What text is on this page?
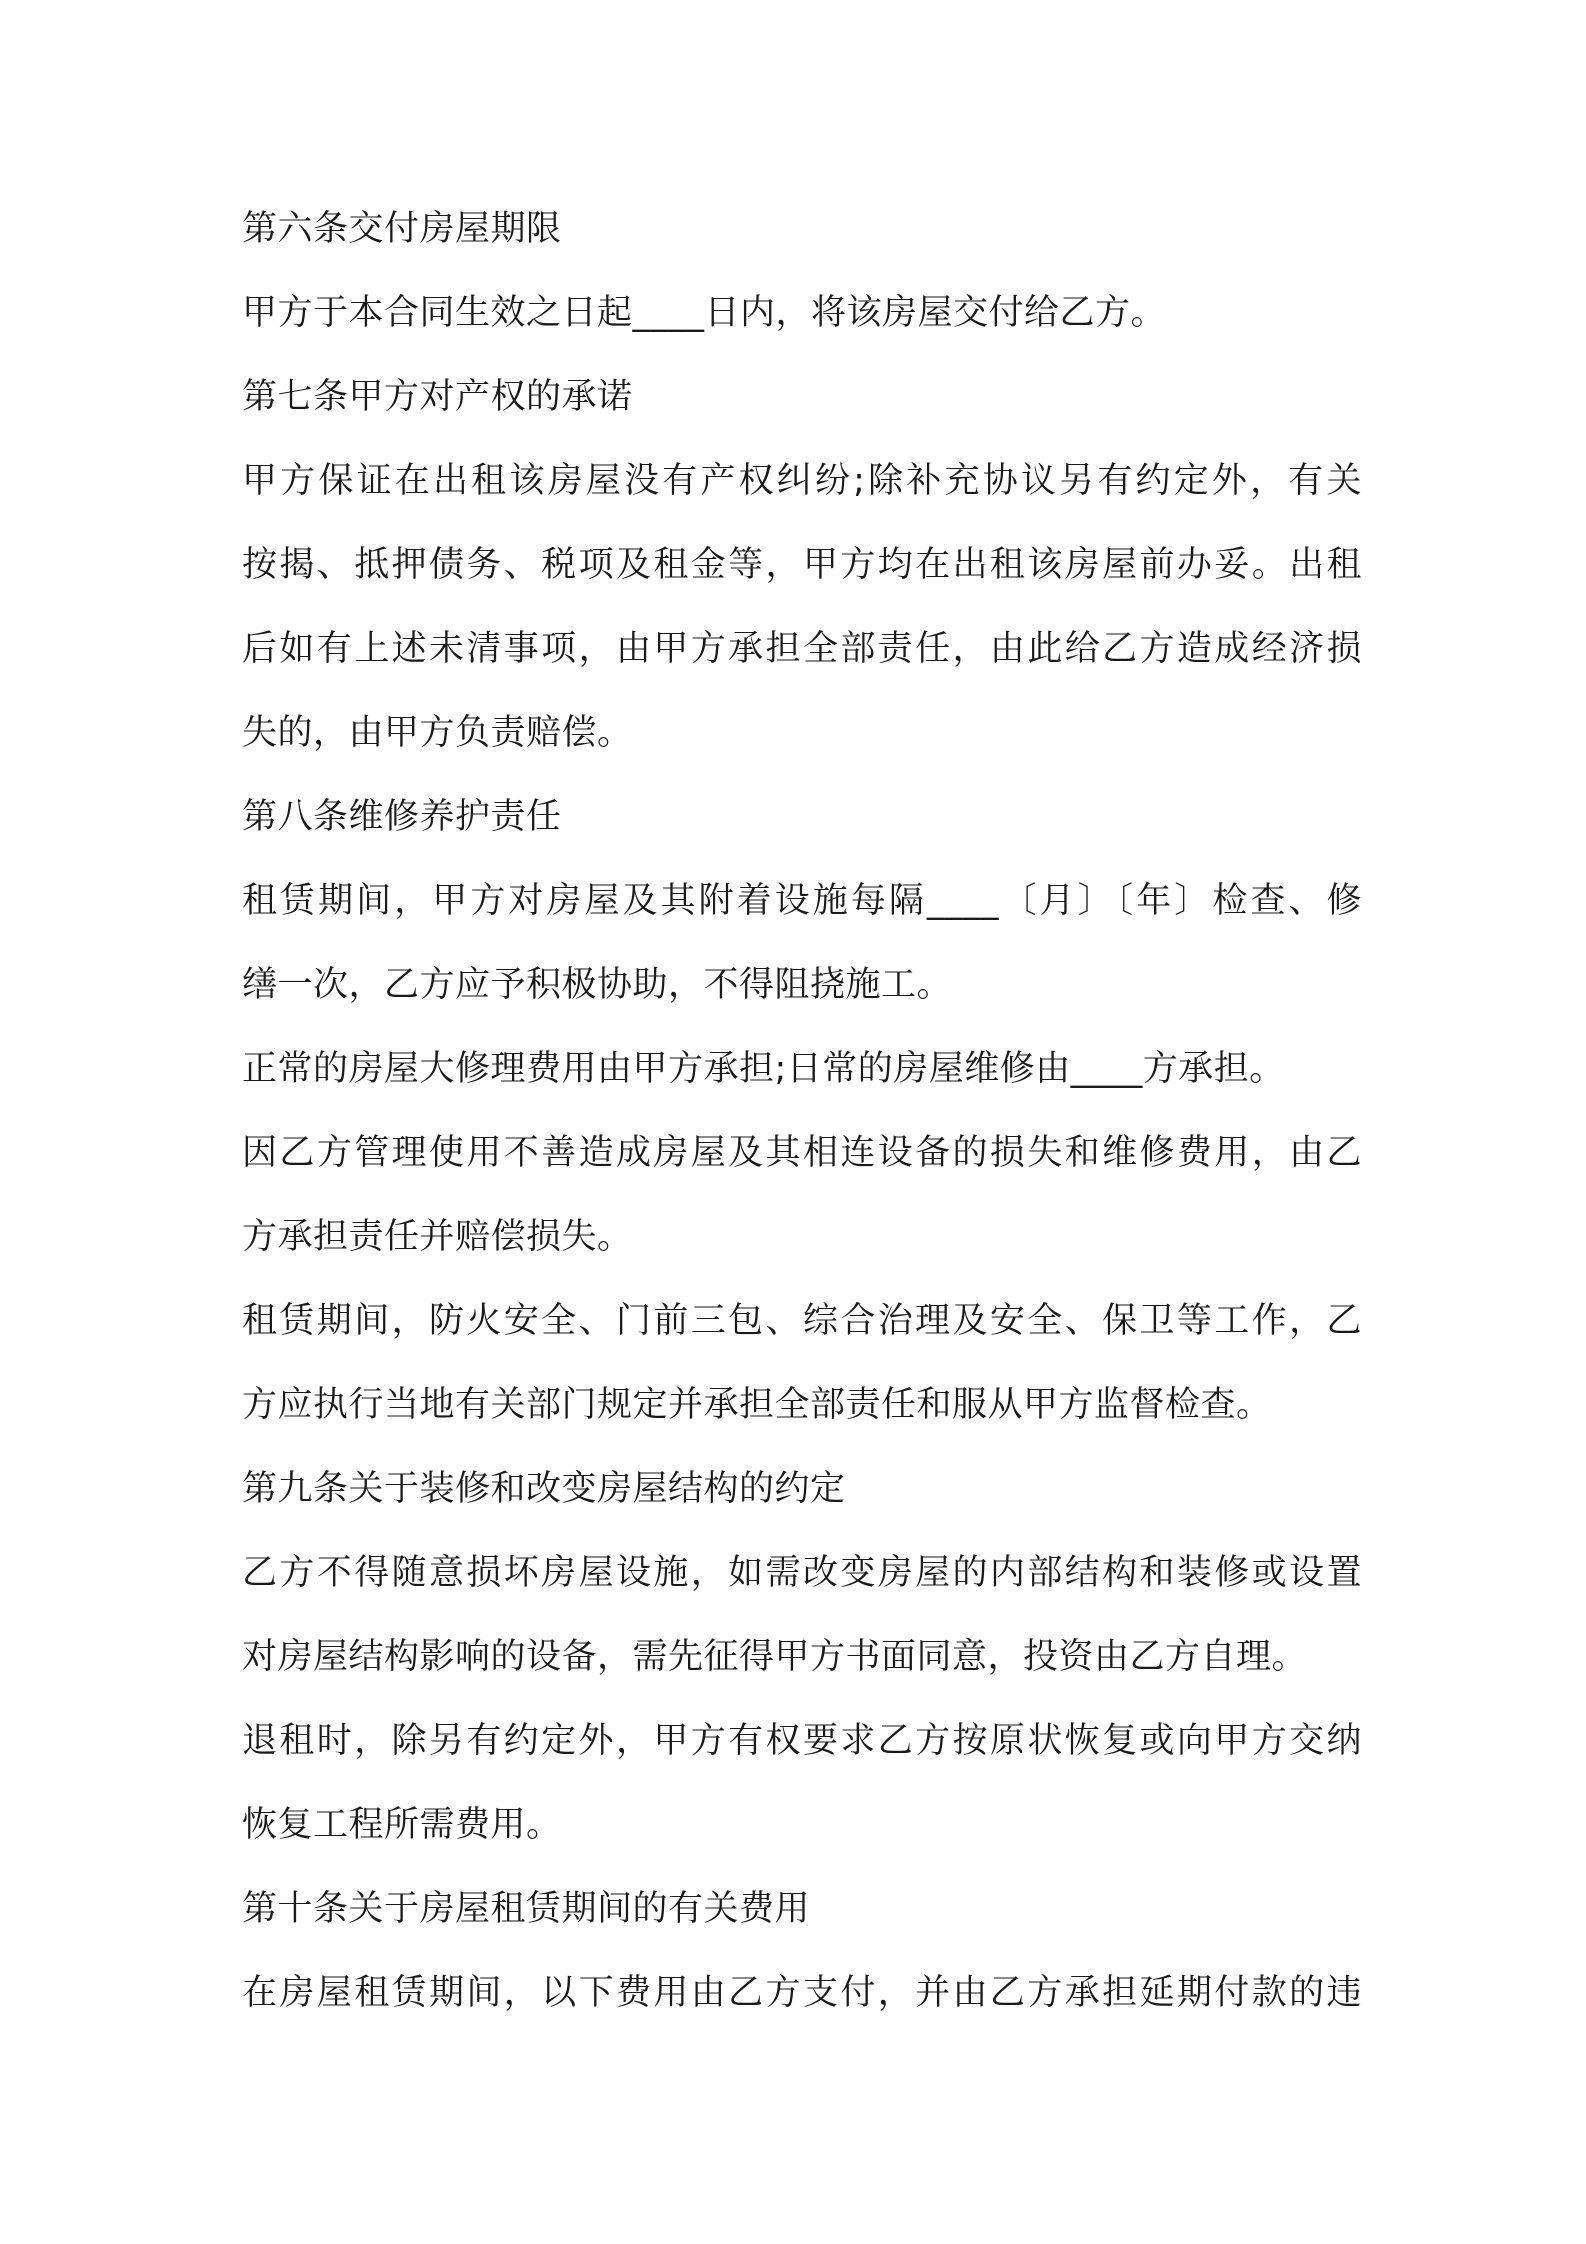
第六条交付房屋期限
甲方于本合同生效之日起____日内，将该房屋交付给乙方。
第七条甲方对产权的承诺
甲方保证在出租该房屋没有产权纠纷;除补充协议另有约定外，有关
按揭、抵押债务、税项及租金等，甲方均在出租该房屋前办妥。出租
后如有上述未清事项，由甲方承担全部责任，由此给乙方造成经济损
失的，由甲方负责赔偿。
第八条维修养护责任
租赁期间，甲方对房屋及其附着设施每隔____〔月〕〔年〕检查、修
缮一次，乙方应予积极协助，不得阻挠施工。
正常的房屋大修理费用由甲方承担;日常的房屋维修由____方承担。
因乙方管理使用不善造成房屋及其相连设备的损失和维修费用，由乙
方承担责任并赔偿损失。
租赁期间，防火安全、门前三包、综合治理及安全、保卫等工作，乙
方应执行当地有关部门规定并承担全部责任和服从甲方监督检查。
第九条关于装修和改变房屋结构的约定
乙方不得随意损坏房屋设施，如需改变房屋的内部结构和装修或设置
对房屋结构影响的设备，需先征得甲方书面同意，投资由乙方自理。
退租时，除另有约定外，甲方有权要求乙方按原状恢复或向甲方交纳
恢复工程所需费用。
第十条关于房屋租赁期间的有关费用
在房屋租赁期间，以下费用由乙方支付，并由乙方承担延期付款的违
